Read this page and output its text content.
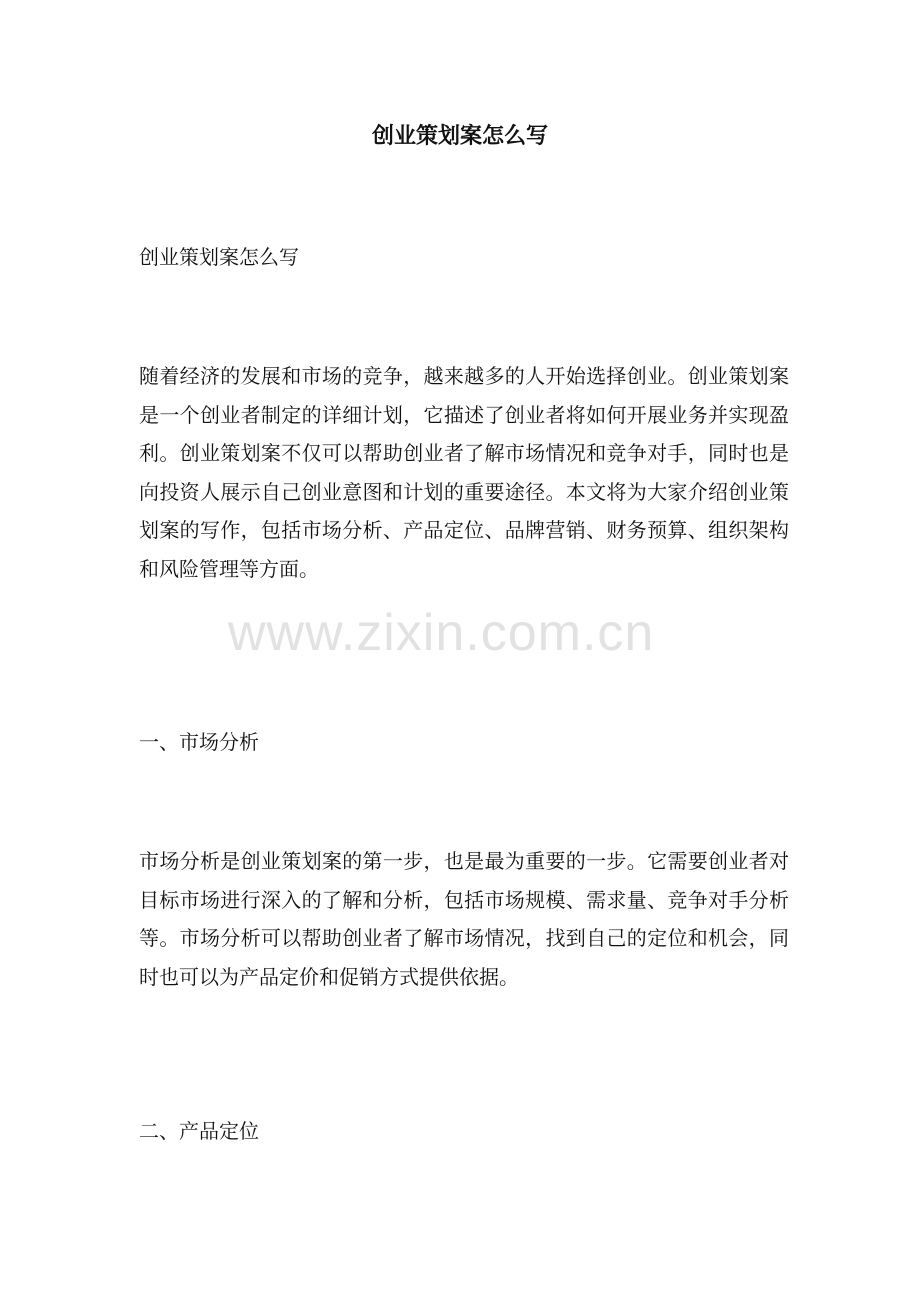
www.zixin.com.cn
创业策划案怎么写
创业策划案怎么写
随着经济的发展和市场的竞争，越来越多的人开始选择创业。创业策划案是一个创业者制定的详细计划，它描述了创业者将如何开展业务并实现盈利。创业策划案不仅可以帮助创业者了解市场情况和竞争对手，同时也是向投资人展示自己创业意图和计划的重要途径。本文将为大家介绍创业策划案的写作，包括市场分析、产品定位、品牌营销、财务预算、组织架构和风险管理等方面。
一、市场分析
市场分析是创业策划案的第一步，也是最为重要的一步。它需要创业者对目标市场进行深入的了解和分析，包括市场规模、需求量、竞争对手分析等。市场分析可以帮助创业者了解市场情况，找到自己的定位和机会，同时也可以为产品定价和促销方式提供依据。
二、产品定位
